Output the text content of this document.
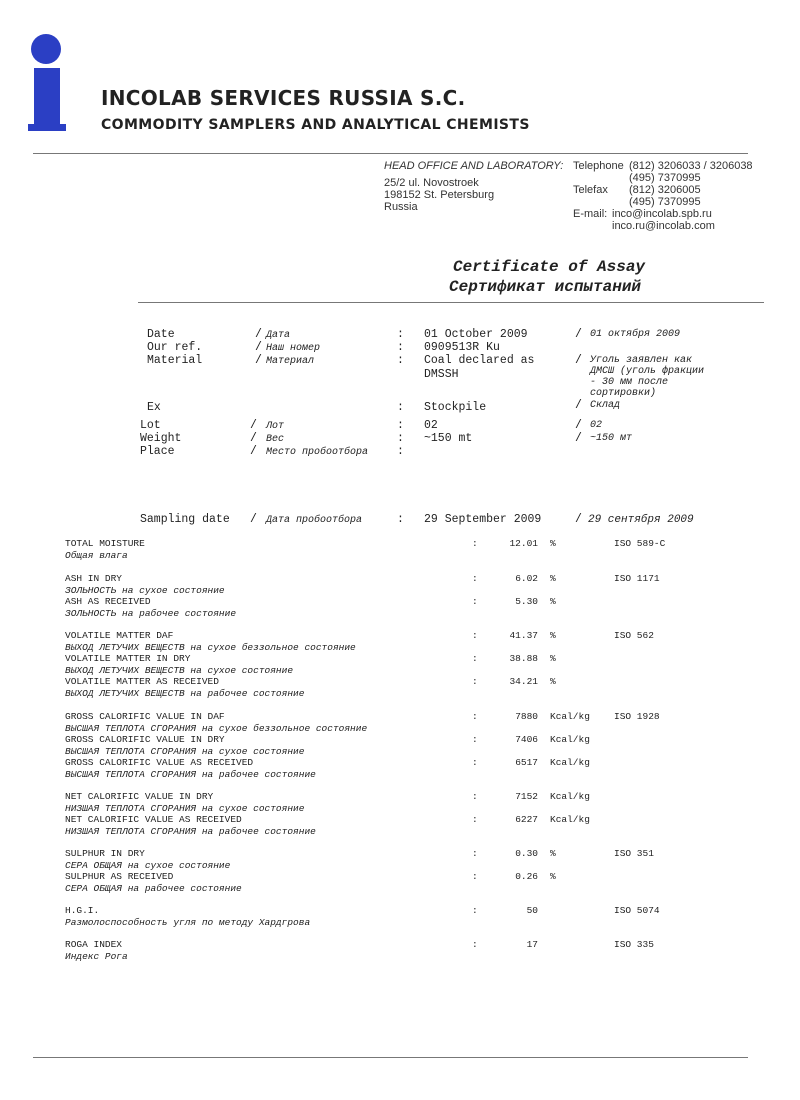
INCOLAB SERVICES RUSSIA S.C.
COMMODITY SAMPLERS AND ANALYTICAL CHEMISTS
HEAD OFFICE AND LABORATORY:
25/2 ul. Novostroek
198152 St. Petersburg
Russia
Telephone (812) 3206033 / 3206038
(495) 7370995
Telefax (812) 3206005
(495) 7370995
E-mail: inco@incolab.spb.ru
inco.ru@incolab.com
Certificate of Assay
Сертификат испытаний
Date	/ Дата	: 01 October 2009	/ 01 октября 2009
Our ref.	/ Наш номер	: 0909513R Ku
Material	/ Материал	: Coal declared as DMSSH
/ Уголь заявлен как ДМСШ (уголь фракции - 30 мм после сортировки)
Ex	: Stockpile	/ Склад
Lot	/ Лот	: 02	/ 02
Weight	/ Вес	: ~150 mt	/ ~150 мт
Place	/ Место пробоотбора	:
Sampling date / Дата пробоотбора	: 29 September 2009	/ 29 сентября 2009
TOTAL MOISTURE
Общая влага
:	12.01 %	ISO 589-C
ASH IN DRY
ЗОЛЬНОСТЬ на сухое состояние
:	6.02 %	ISO 1171
ASH AS RECEIVED
ЗОЛЬНОСТЬ на рабочее состояние
:	5.30 %
VOLATILE MATTER DAF
ВЫХОД ЛЕТУЧИХ ВЕЩЕСТВ на сухое беззольное состояние
:	41.37 %	ISO 562
VOLATILE MATTER IN DRY
ВЫХОД ЛЕТУЧИХ ВЕЩЕСТВ на сухое состояние
:	38.88 %
VOLATILE MATTER AS RECEIVED
ВЫХОД ЛЕТУЧИХ ВЕЩЕСТВ на рабочее состояние
:	34.21 %
GROSS CALORIFIC VALUE IN DAF
ВЫСШАЯ ТЕПЛОТА СГОРАНИЯ на сухое беззольное состояние
:	7880 Kcal/kg	ISO 1928
GROSS CALORIFIC VALUE IN DRY
ВЫСШАЯ ТЕПЛОТА СГОРАНИЯ на сухое состояние
:	7406 Kcal/kg
GROSS CALORIFIC VALUE AS RECEIVED
ВЫСШАЯ ТЕПЛОТА СГОРАНИЯ на рабочее состояние
:	6517 Kcal/kg
NET CALORIFIC VALUE IN DRY
НИЗШАЯ ТЕПЛОТА СГОРАНИЯ на сухое состояние
:	7152 Kcal/kg
NET CALORIFIC VALUE AS RECEIVED
НИЗШАЯ ТЕПЛОТА СГОРАНИЯ на рабочее состояние
:	6227 Kcal/kg
SULPHUR IN DRY
СЕРА ОБЩАЯ на сухое состояние
:	0.30 %	ISO 351
SULPHUR AS RECEIVED
СЕРА ОБЩАЯ на рабочее состояние
:	0.26 %
H.G.I.
Размолоспособность угля по методу Хардгрова
:	50	ISO 5074
ROGA INDEX
Индекс Рога
:	17	ISO 335
